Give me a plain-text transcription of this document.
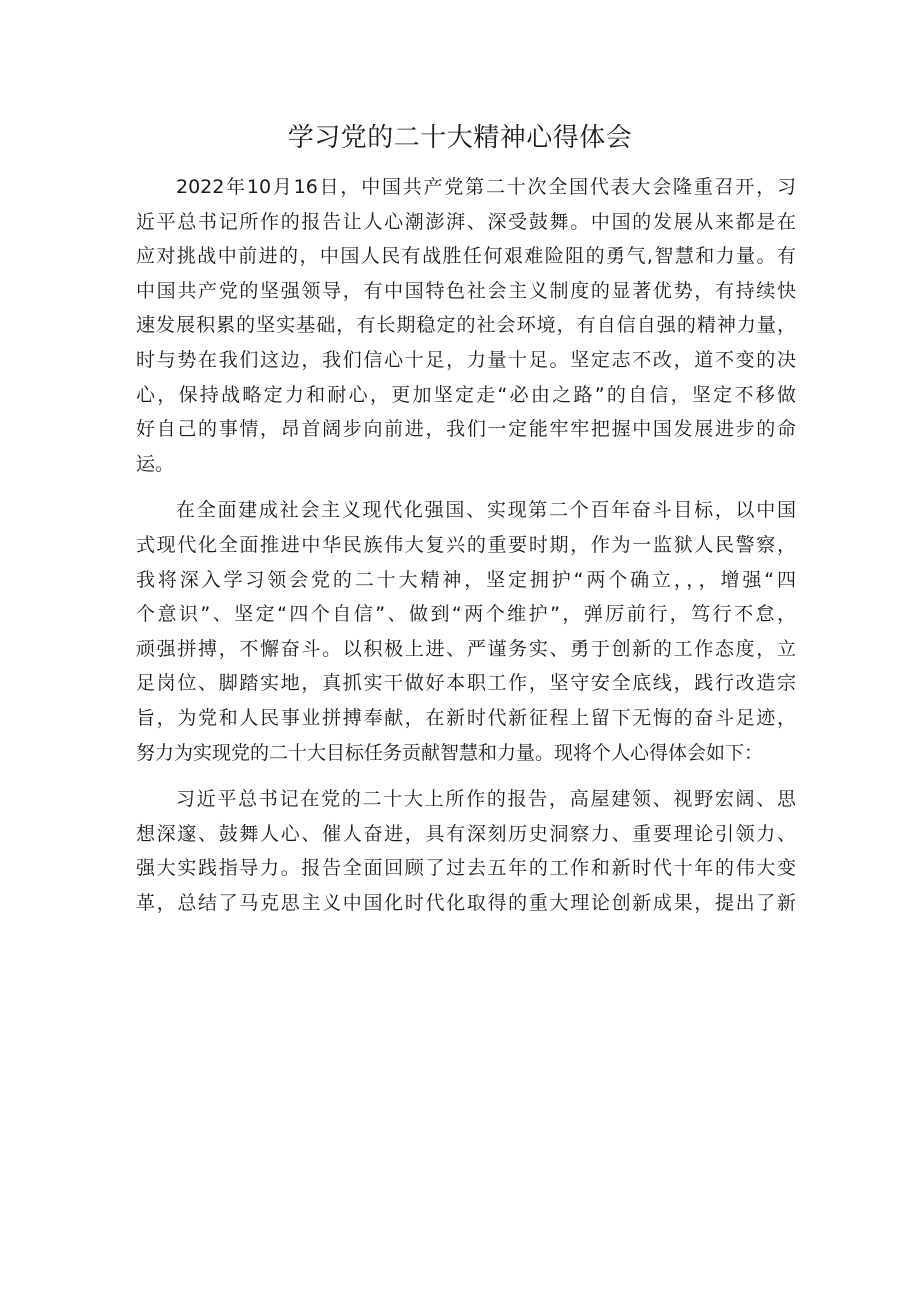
学习党的二十大精神心得体会
2022年10月16日，中国共产党第二十次全国代表大会隆重召开，习
近平总书记所作的报告让人心潮澎湃、深受鼓舞。中国的发展从来都是在
应对挑战中前进的，中国人民有战胜任何艰难险阻的勇气,智慧和力量。有
中国共产党的坚强领导，有中国特色社会主义制度的显著优势，有持续快
速发展积累的坚实基础，有长期稳定的社会环境，有自信自强的精神力量，
时与势在我们这边，我们信心十足，力量十足。坚定志不改，道不变的决
心，保持战略定力和耐心，更加坚定走“必由之路”的自信，坚定不移做
好自己的事情，昂首阔步向前进，我们一定能牢牢把握中国发展进步的命
运。
在全面建成社会主义现代化强国、实现第二个百年奋斗目标，以中国
式现代化全面推进中华民族伟大复兴的重要时期，作为一监狱人民警察，
我将深入学习领会党的二十大精神，坚定拥护“两个确立，，，增强“四
个意识”、坚定“四个自信”、做到“两个维护”，弹厉前行，笃行不怠，
顽强拼搏，不懈奋斗。以积极上进、严谨务实、勇于创新的工作态度，立
足岗位、脚踏实地，真抓实干做好本职工作，坚守安全底线，践行改造宗
旨，为党和人民事业拼搏奉献，在新时代新征程上留下无悔的奋斗足迹，
努力为实现党的二十大目标任务贡献智慧和力量。现将个人心得体会如下：
习近平总书记在党的二十大上所作的报告，高屋建领、视野宏阔、思
想深邃、鼓舞人心、催人奋进，具有深刻历史洞察力、重要理论引领力、
强大实践指导力。报告全面回顾了过去五年的工作和新时代十年的伟大变
革，总结了马克思主义中国化时代化取得的重大理论创新成果，提出了新
